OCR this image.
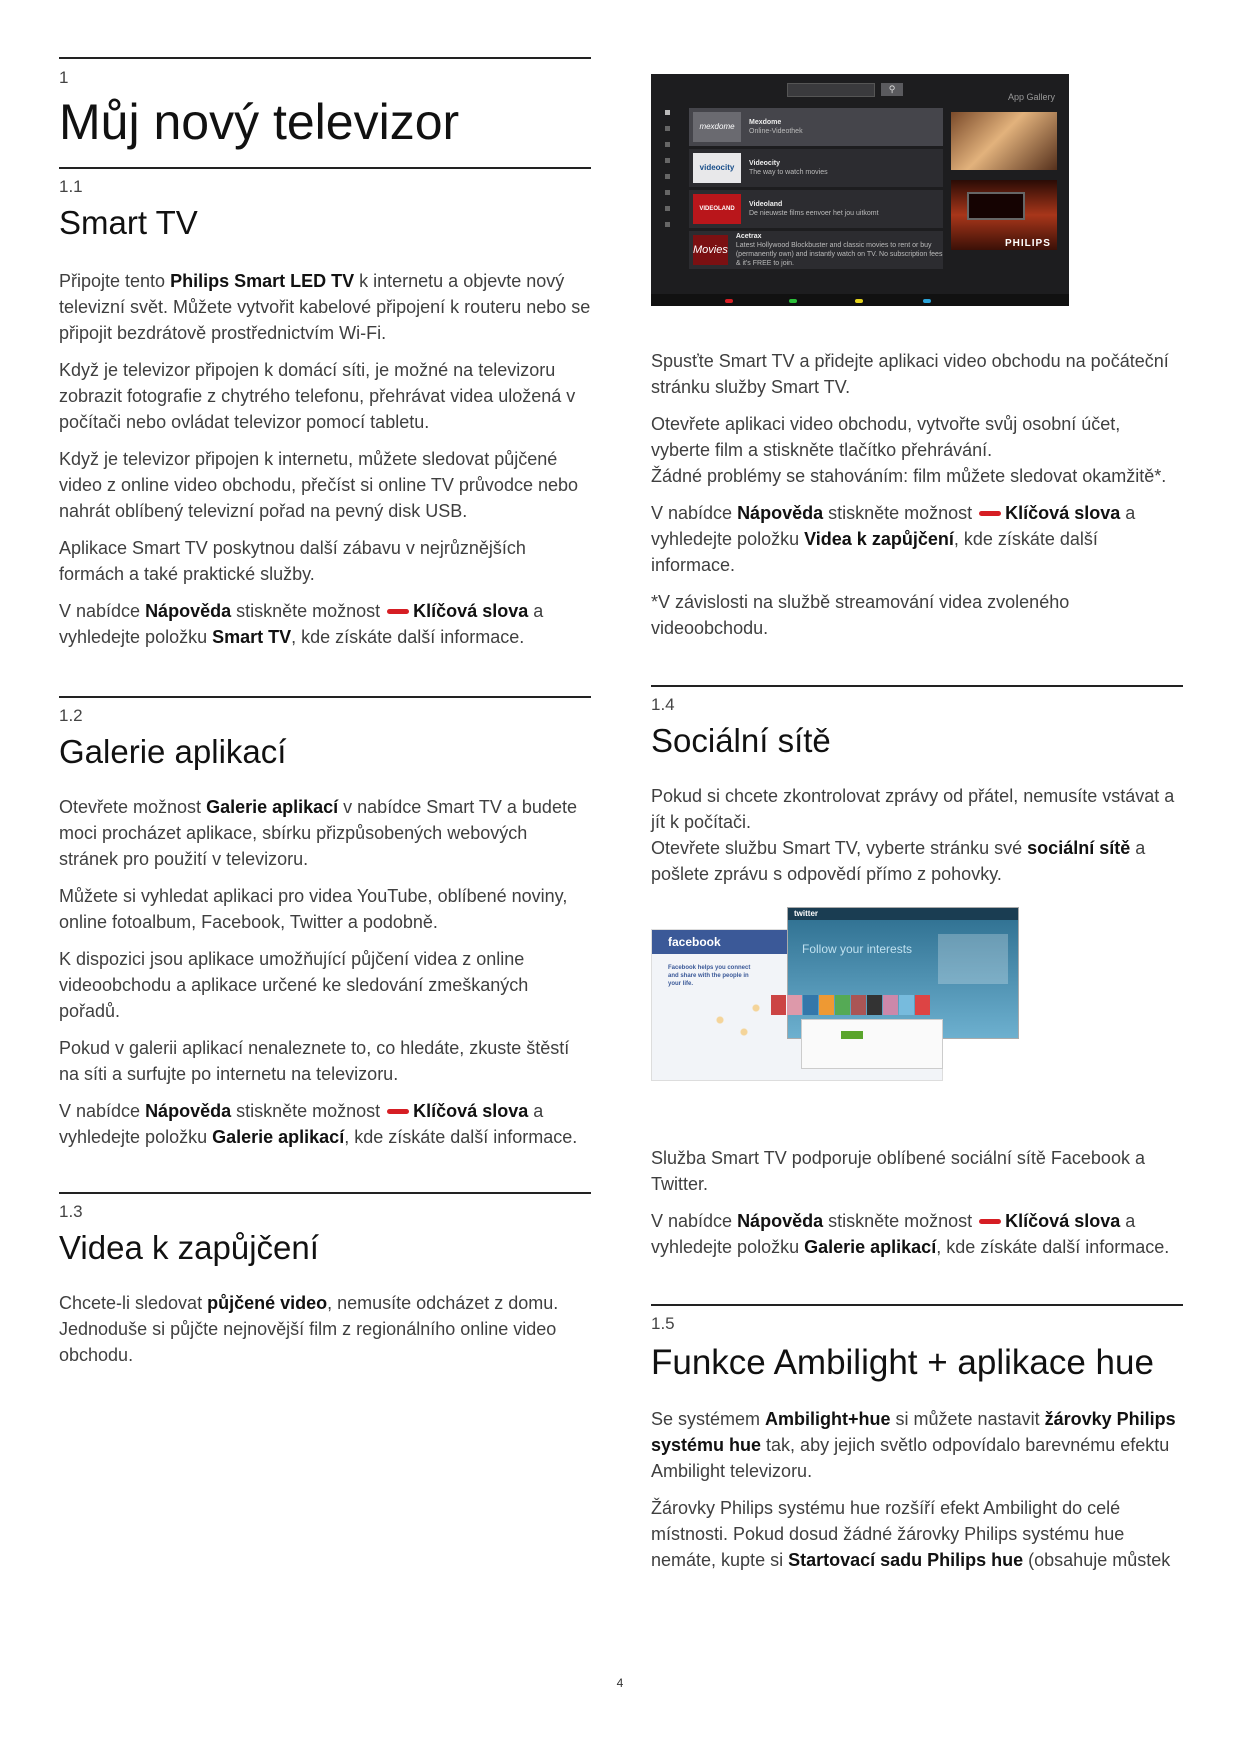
1
Můj nový televizor
1.1
Smart TV

Připojte tento Philips Smart LED TV k internetu a objevte nový televizní svět. Můžete vytvořit kabelové připojení k routeru nebo se připojit bezdrátově prostřednictvím Wi-Fi.

Když je televizor připojen k domácí síti, je možné na televizoru zobrazit fotografie z chytrého telefonu, přehrávat videa uložená v počítači nebo ovládat televizor pomocí tabletu.

Když je televizor připojen k internetu, můžete sledovat půjčené video z online video obchodu, přečíst si online TV průvodce nebo nahrát oblíbený televizní pořad na pevný disk USB.

Aplikace Smart TV poskytnou další zábavu v nejrůznějších formách a také praktické služby.

V nabídce Nápověda stiskněte možnost Klíčová slova a vyhledejte položku Smart TV, kde získáte další informace.

1.2
Galerie aplikací

Otevřete možnost Galerie aplikací v nabídce Smart TV a budete moci procházet aplikace, sbírku přizpůsobených webových stránek pro použití v televizoru.

Můžete si vyhledat aplikaci pro videa YouTube, oblíbené noviny, online fotoalbum, Facebook, Twitter a podobně.

K dispozici jsou aplikace umožňující půjčení videa z online videoobchodu a aplikace určené ke sledování zmeškaných pořadů.

Pokud v galerii aplikací nenaleznete to, co hledáte, zkuste štěstí na síti a surfujte po internetu na televizoru.

V nabídce Nápověda stiskněte možnost Klíčová slova a vyhledejte položku Galerie aplikací, kde získáte další informace.

1.3
Videa k zapůjčení

Chcete-li sledovat půjčené video, nemusíte odcházet z domu. Jednoduše si půjčte nejnovější film z regionálního online video obchodu.

⚲
App Gallery
mexdome	Mexdome
Online-Videothek
videocity	Videocity
The way to watch movies
VIDEOLAND
Videoland
De nieuwste films eenvoer het jou uitkomt
Movies
Acetrax
Latest Hollywood Blockbuster and classic movies to rent or buy (permanently own) and instantly watch on TV. No subscription fees & it's FREE to join.
PHILIPS

Spusťte Smart TV a přidejte aplikaci video obchodu na počáteční stránku služby Smart TV.

Otevřete aplikaci video obchodu, vytvořte svůj osobní účet, vyberte film a stiskněte tlačítko přehrávání.

Žádné problémy se stahováním: film můžete sledovat okamžitě*.

V nabídce Nápověda stiskněte možnost Klíčová slova a vyhledejte položku Videa k zapůjčení, kde získáte další informace.

*V závislosti na službě streamování videa zvoleného videoobchodu.

1.4
Sociální sítě

Pokud si chcete zkontrolovat zprávy od přátel, nemusíte vstávat a jít k počítači.

Otevřete službu Smart TV, vyberte stránku své sociální sítě a pošlete zprávu s odpovědí přímo z pohovky.

facebook
Facebook helps you connect and share with the people in your life.
twitter
Follow your interests

Služba Smart TV podporuje oblíbené sociální sítě Facebook a Twitter.

V nabídce Nápověda stiskněte možnost Klíčová slova a vyhledejte položku Galerie aplikací, kde získáte další informace.

1.5
Funkce Ambilight + aplikace hue

Se systémem Ambilight+hue si můžete nastavit žárovky Philips systému hue tak, aby jejich světlo odpovídalo barevnému efektu Ambilight televizoru.

Žárovky Philips systému hue rozšíří efekt Ambilight do celé místnosti. Pokud dosud žádné žárovky Philips systému hue nemáte, kupte si Startovací sadu Philips hue (obsahuje můstek

4
